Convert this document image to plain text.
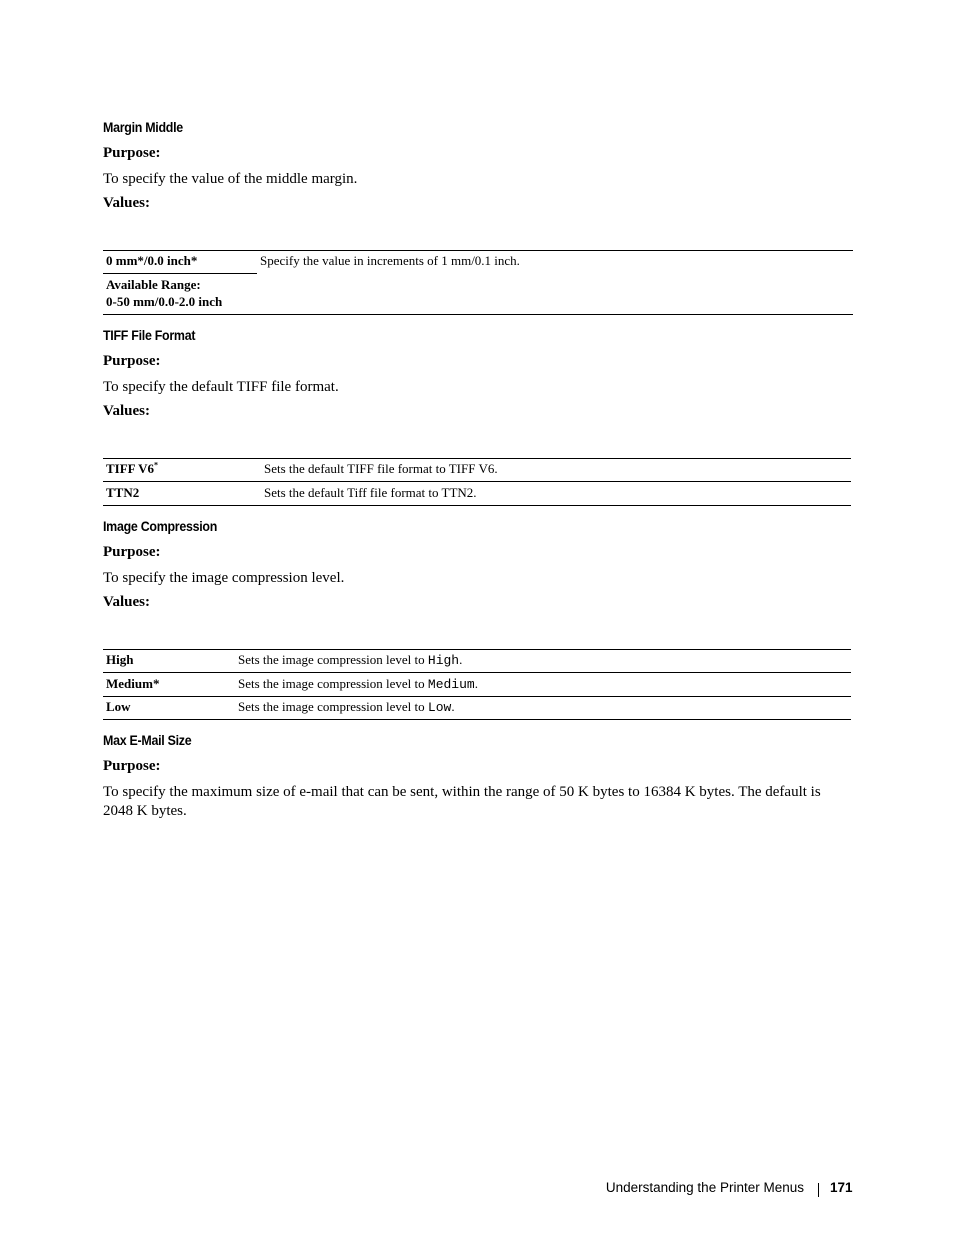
Margin Middle
Purpose:
To specify the value of the middle margin.
Values:
0 mm*/0.0 inch*	Specify the value in increments of 1 mm/0.1 inch.
Available Range:
0-50 mm/0.0-2.0 inch
TIFF File Format
Purpose:
To specify the default TIFF file format.
Values:
TIFF V6*	Sets the default TIFF file format to TIFF V6.
TTN2	Sets the default Tiff file format to TTN2.
Image Compression
Purpose:
To specify the image compression level.
Values:
High	Sets the image compression level to High.
Medium*	Sets the image compression level to Medium.
Low	Sets the image compression level to Low.
Max E-Mail Size
Purpose:
To specify the maximum size of e-mail that can be sent, within the range of 50 K bytes to 16384 K bytes. The default is 2048 K bytes.
Understanding the Printer Menus 171
